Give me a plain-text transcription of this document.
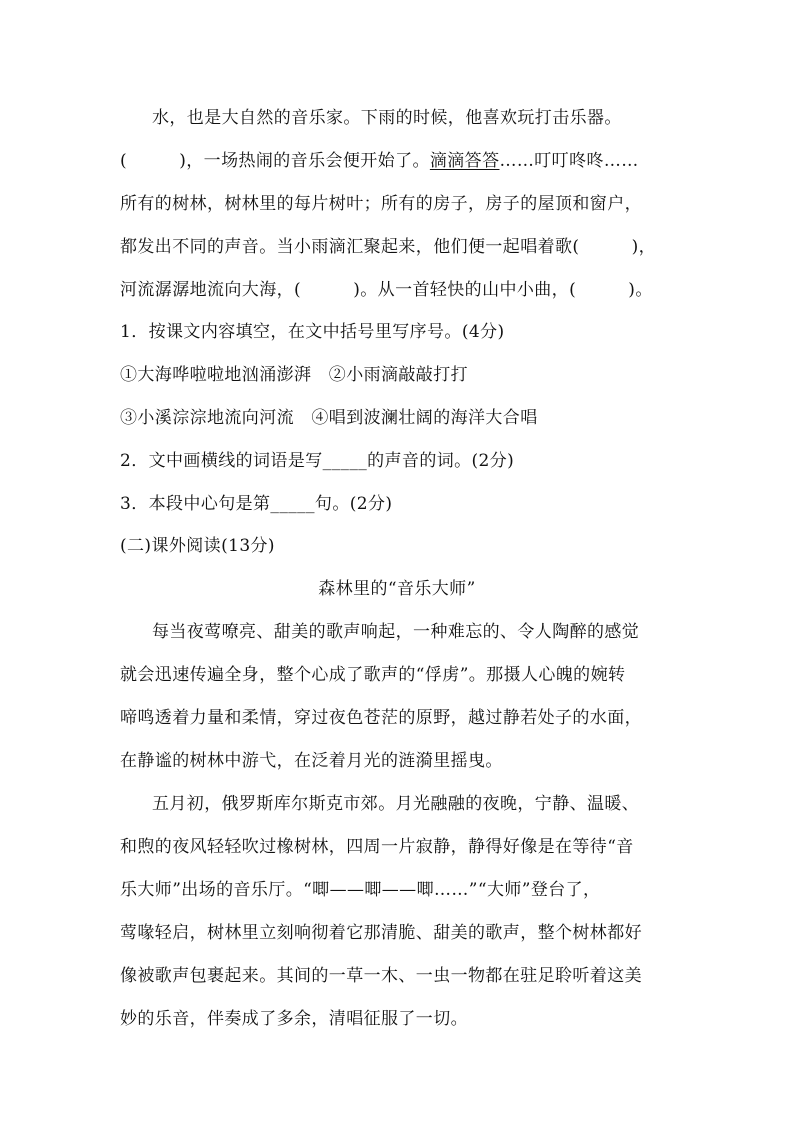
水，也是大自然的音乐家。下雨的时候，他喜欢玩打击乐器。
(　　　)，一场热闹的音乐会便开始了。滴滴答答……叮叮咚咚……
所有的树林，树林里的每片树叶；所有的房子，房子的屋顶和窗户，
都发出不同的声音。当小雨滴汇聚起来，他们便一起唱着歌(　　　)，
河流潺潺地流向大海，(　　　)。从一首轻快的山中小曲，(　　　)。
1．按课文内容填空，在文中括号里写序号。(4分)
①大海哗啦啦地汹涌澎湃　②小雨滴敲敲打打
③小溪淙淙地流向河流　④唱到波澜壮阔的海洋大合唱
2．文中画横线的词语是写_____的声音的词。(2分)
3．本段中心句是第_____句。(2分)
(二)课外阅读(13分)
森林里的“音乐大师”
每当夜莺嘹亮、甜美的歌声响起，一种难忘的、令人陶醉的感觉
就会迅速传遍全身，整个心成了歌声的“俘虏”。那摄人心魄的婉转
啼鸣透着力量和柔情，穿过夜色苍茫的原野，越过静若处子的水面，
在静谧的树林中游弋，在泛着月光的涟漪里摇曳。
五月初，俄罗斯库尔斯克市郊。月光融融的夜晚，宁静、温暖、
和煦的夜风轻轻吹过橡树林，四周一片寂静，静得好像是在等待“音
乐大师”出场的音乐厅。“唧——唧——唧……”“大师”登台了，
莺喙轻启，树林里立刻响彻着它那清脆、甜美的歌声，整个树林都好
像被歌声包裹起来。其间的一草一木、一虫一物都在驻足聆听着这美
妙的乐音，伴奏成了多余，清唱征服了一切。
